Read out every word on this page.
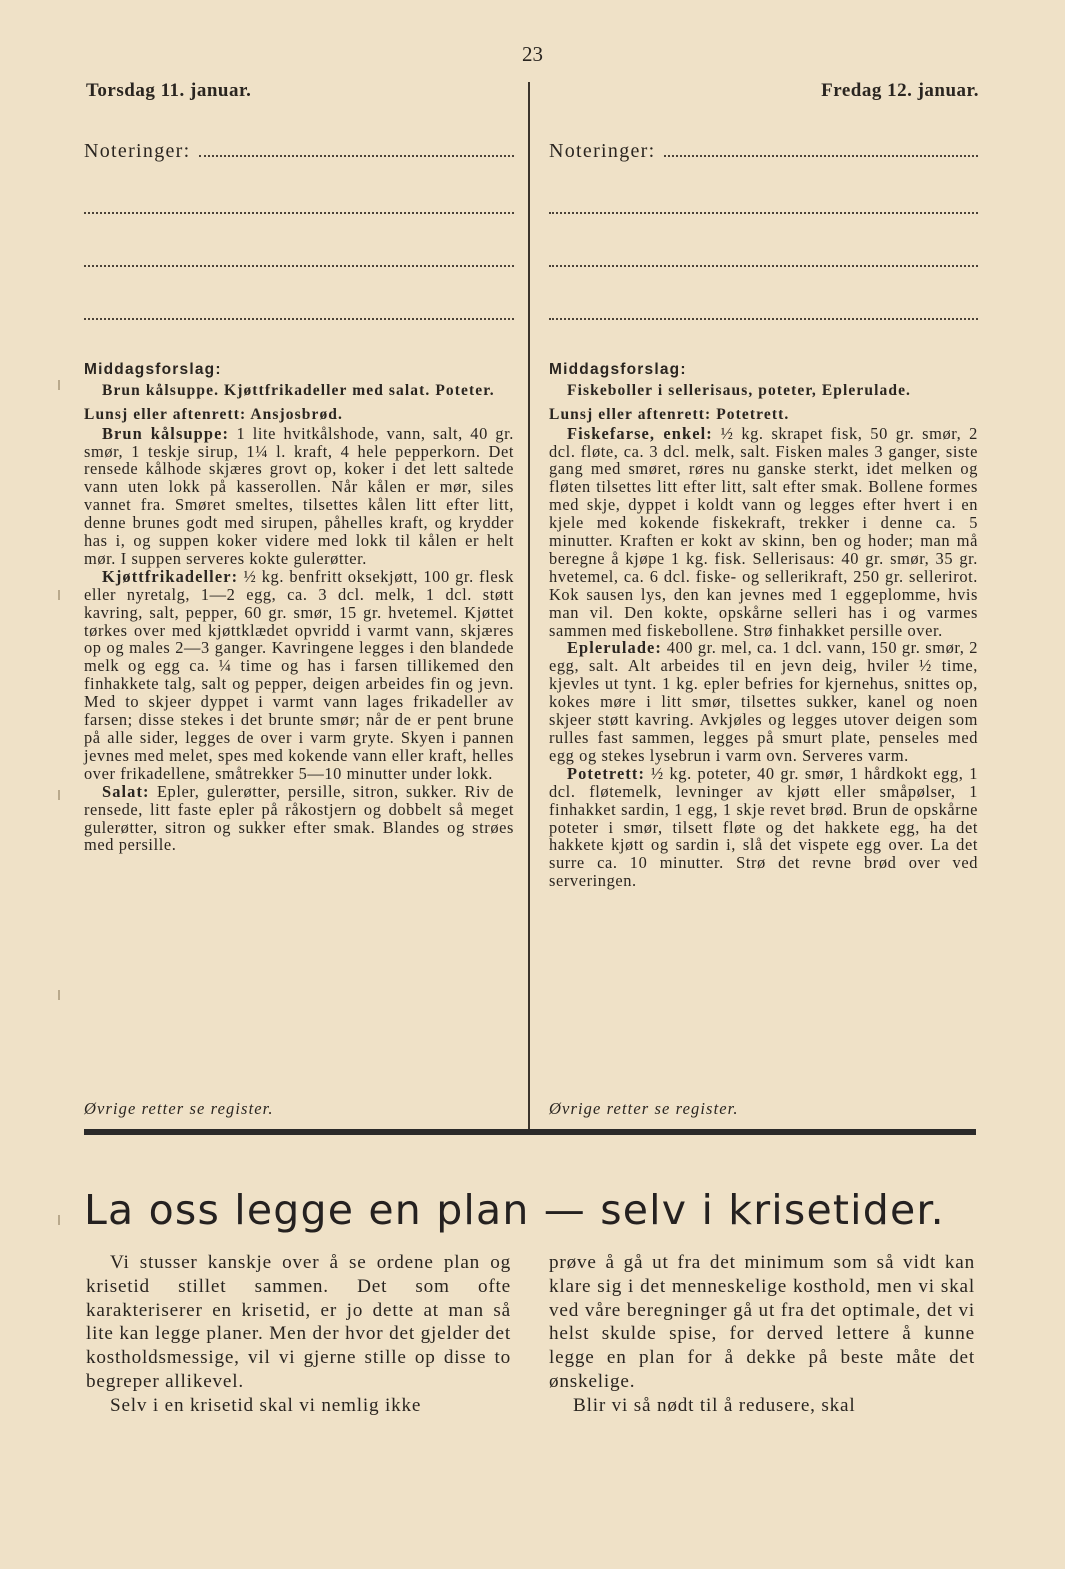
23
Torsdag 11. januar.	Fredag 12. januar.
Noteringer:	Noteringer:
Middagsforslag:
Brun kålsuppe. Kjøttfrikadeller med salat. Poteter.
Lunsj eller aftenrett: Ansjosbrød.
Brun kålsuppe: 1 lite hvitkålshode, vann, salt, 40 gr. smør, 1 teskje sirup, 1¼ l. kraft, 4 hele pepperkorn. Det rensede kålhode skjæres grovt op, koker i det lett saltede vann uten lokk på kasserollen. Når kålen er mør, siles vannet fra. Smøret smeltes, tilsettes kålen litt efter litt, denne brunes godt med sirupen, påhelles kraft, og krydder has i, og suppen koker videre med lokk til kålen er helt mør. I suppen serveres kokte gulerøtter.
Kjøttfrikadeller: ½ kg. benfritt oksekjøtt, 100 gr. flesk eller nyretalg, 1—2 egg, ca. 3 dcl. melk, 1 dcl. støtt kavring, salt, pepper, 60 gr. smør, 15 gr. hvetemel. Kjøttet tørkes over med kjøttklædet opvridd i varmt vann, skjæres op og males 2—3 ganger. Kavringene legges i den blandede melk og egg ca. ¼ time og has i farsen tillikemed den finhakkete talg, salt og pepper, deigen arbeides fin og jevn. Med to skjeer dyppet i varmt vann lages frikadeller av farsen; disse stekes i det brunte smør; når de er pent brune på alle sider, legges de over i varm gryte. Skyen i pannen jevnes med melet, spes med kokende vann eller kraft, helles over frikadellene, småtrekker 5—10 minutter under lokk.
Salat: Epler, gulerøtter, persille, sitron, sukker. Riv de rensede, litt faste epler på råkostjern og dobbelt så meget gulerøtter, sitron og sukker efter smak. Blandes og strøes med persille.
Middagsforslag:
Fiskeboller i sellerisaus, poteter, Eplerulade.
Lunsj eller aftenrett: Potetrett.
Fiskefarse, enkel: ½ kg. skrapet fisk, 50 gr. smør, 2 dcl. fløte, ca. 3 dcl. melk, salt. Fisken males 3 ganger, siste gang med smøret, røres nu ganske sterkt, idet melken og fløten tilsettes litt efter litt, salt efter smak. Bollene formes med skje, dyppet i koldt vann og legges efter hvert i en kjele med kokende fiskekraft, trekker i denne ca. 5 minutter. Kraften er kokt av skinn, ben og hoder; man må beregne å kjøpe 1 kg. fisk. Sellerisaus: 40 gr. smør, 35 gr. hvetemel, ca. 6 dcl. fiske- og sellerikraft, 250 gr. sellerirot. Kok sausen lys, den kan jevnes med 1 eggeplomme, hvis man vil. Den kokte, opskårne selleri has i og varmes sammen med fiskebollene. Strø finhakket persille over.
Eplerulade: 400 gr. mel, ca. 1 dcl. vann, 150 gr. smør, 2 egg, salt. Alt arbeides til en jevn deig, hviler ½ time, kjevles ut tynt. 1 kg. epler befries for kjernehus, snittes op, kokes møre i litt smør, tilsettes sukker, kanel og noen skjeer støtt kavring. Avkjøles og legges utover deigen som rulles fast sammen, legges på smurt plate, penseles med egg og stekes lysebrun i varm ovn. Serveres varm.
Potetrett: ½ kg. poteter, 40 gr. smør, 1 hårdkokt egg, 1 dcl. fløtemelk, levninger av kjøtt eller småpølser, 1 finhakket sardin, 1 egg, 1 skje revet brød. Brun de opskårne poteter i smør, tilsett fløte og det hakkete egg, ha det hakkete kjøtt og sardin i, slå det vispete egg over. La det surre ca. 10 minutter. Strø det revne brød over ved serveringen.
Øvrige retter se register.	Øvrige retter se register.
La oss legge en plan — selv i krisetider.

Vi stusser kanskje over å se ordene plan og krisetid stillet sammen. Det som ofte karakteriserer en krisetid, er jo dette at man så lite kan legge planer. Men der hvor det gjelder det kostholdsmessige, vil vi gjerne stille op disse to begreper allikevel.

Selv i en krisetid skal vi nemlig ikke

prøve å gå ut fra det minimum som så vidt kan klare sig i det menneskelige kosthold, men vi skal ved våre beregninger gå ut fra det optimale, det vi helst skulde spise, for derved lettere å kunne legge en plan for å dekke på beste måte det ønskelige.

Blir vi så nødt til å redusere, skal
